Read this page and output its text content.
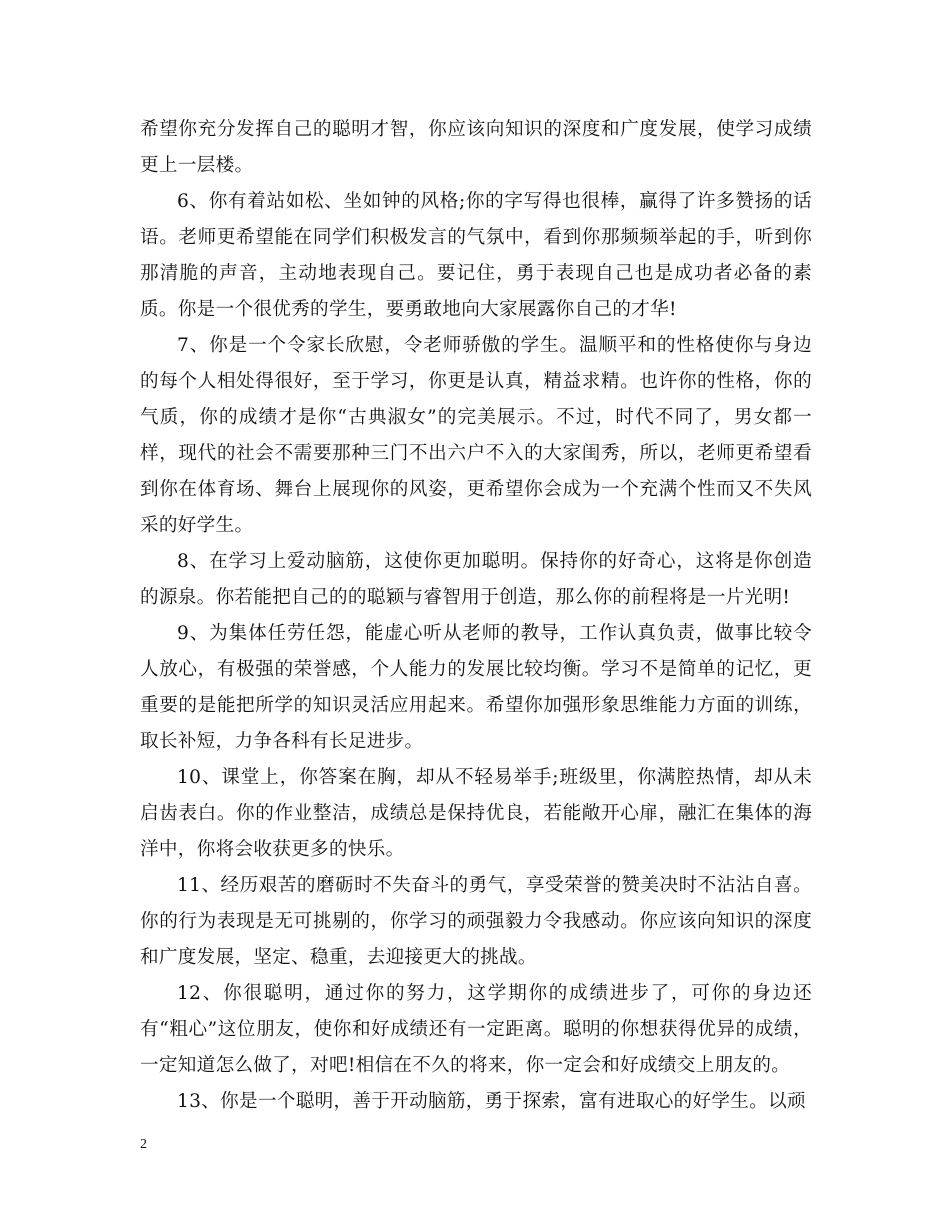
希望你充分发挥自己的聪明才智，你应该向知识的深度和广度发展，使学习成绩更上一层楼。

6、你有着站如松、坐如钟的风格;你的字写得也很棒，赢得了许多赞扬的话语。老师更希望能在同学们积极发言的气氛中，看到你那频频举起的手，听到你那清脆的声音，主动地表现自己。要记住，勇于表现自己也是成功者必备的素质。你是一个很优秀的学生，要勇敢地向大家展露你自己的才华!

7、你是一个令家长欣慰，令老师骄傲的学生。温顺平和的性格使你与身边的每个人相处得很好，至于学习，你更是认真，精益求精。也许你的性格，你的气质，你的成绩才是你“古典淑女”的完美展示。不过，时代不同了，男女都一样，现代的社会不需要那种三门不出六户不入的大家闺秀，所以，老师更希望看到你在体育场、舞台上展现你的风姿，更希望你会成为一个充满个性而又不失风采的好学生。

8、在学习上爱动脑筋，这使你更加聪明。保持你的好奇心，这将是你创造的源泉。你若能把自己的的聪颖与睿智用于创造，那么你的前程将是一片光明!

9、为集体任劳任怨，能虚心听从老师的教导，工作认真负责，做事比较令人放心，有极强的荣誉感，个人能力的发展比较均衡。学习不是简单的记忆，更重要的是能把所学的知识灵活应用起来。希望你加强形象思维能力方面的训练，取长补短，力争各科有长足进步。

10、课堂上，你答案在胸，却从不轻易举手;班级里，你满腔热情，却从未启齿表白。你的作业整洁，成绩总是保持优良，若能敞开心扉，融汇在集体的海洋中，你将会收获更多的快乐。

11、经历艰苦的磨砺时不失奋斗的勇气，享受荣誉的赞美决时不沾沾自喜。你的行为表现是无可挑剔的，你学习的顽强毅力令我感动。你应该向知识的深度和广度发展，坚定、稳重，去迎接更大的挑战。

12、你很聪明，通过你的努力，这学期你的成绩进步了，可你的身边还有“粗心”这位朋友，使你和好成绩还有一定距离。聪明的你想获得优异的成绩，一定知道怎么做了，对吧!相信在不久的将来，你一定会和好成绩交上朋友的。

13、你是一个聪明，善于开动脑筋，勇于探索，富有进取心的好学生。以顽

2
